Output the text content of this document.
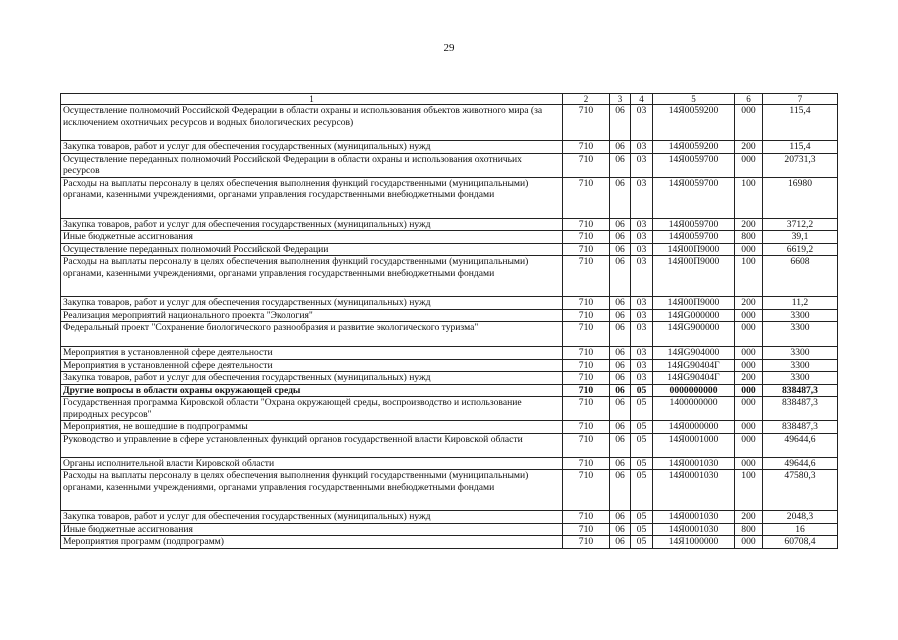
29
1	2	3	4	5	6	7
Осуществление полномочий Российской Федерации в области охраны и использования объектов животного мира (за исключением охотничьих ресурсов и водных биологических ресурсов)	710	06	03	14Я0059200	000	115,4
Закупка товаров, работ и услуг для обеспечения государственных (муниципальных) нужд	710	06	03	14Я0059200	200	115,4
Осуществление переданных полномочий Российской Федерации в области охраны и использования охотничьих ресурсов	710	06	03	14Я0059700	000	20731,3
Расходы на выплаты персоналу в целях обеспечения выполнения функций государственными (муниципальными) органами, казенными учреждениями, органами управления государственными внебюджетными фондами	710	06	03	14Я0059700	100	16980
Закупка товаров, работ и услуг для обеспечения государственных (муниципальных) нужд	710	06	03	14Я0059700	200	3712,2
Иные бюджетные ассигнования	710	06	03	14Я0059700	800	39,1
Осуществление переданных полномочий Российской Федерации	710	06	03	14Я00П9000	000	6619,2
Расходы на выплаты персоналу в целях обеспечения выполнения функций государственными (муниципальными) органами, казенными учреждениями, органами управления государственными внебюджетными фондами	710	06	03	14Я00П9000	100	6608
Закупка товаров, работ и услуг для обеспечения государственных (муниципальных) нужд	710	06	03	14Я00П9000	200	11,2
Реализация мероприятий национального проекта "Экология"	710	06	03	14ЯG000000	000	3300
Федеральный проект "Сохранение биологического разнообразия и развитие экологического туризма"	710	06	03	14ЯG900000	000	3300
Мероприятия в установленной сфере деятельности	710	06	03	14ЯG904000	000	3300
Мероприятия в установленной сфере деятельности	710	06	03	14ЯG90404Г	000	3300
Закупка товаров, работ и услуг для обеспечения государственных (муниципальных) нужд	710	06	03	14ЯG90404Г	200	3300
Другие вопросы в области охраны окружающей среды	710	06	05	0000000000	000	838487,3
Государственная программа Кировской области "Охрана окружающей среды, воспроизводство и использование природных ресурсов"	710	06	05	1400000000	000	838487,3
Мероприятия, не вошедшие в подпрограммы	710	06	05	14Я0000000	000	838487,3
Руководство и управление в сфере установленных функций органов государственной власти Кировской области	710	06	05	14Я0001000	000	49644,6
Органы исполнительной власти Кировской области	710	06	05	14Я0001030	000	49644,6
Расходы на выплаты персоналу в целях обеспечения выполнения функций государственными (муниципальными) органами, казенными учреждениями, органами управления государственными внебюджетными фондами	710	06	05	14Я0001030	100	47580,3
Закупка товаров, работ и услуг для обеспечения государственных (муниципальных) нужд	710	06	05	14Я0001030	200	2048,3
Иные бюджетные ассигнования	710	06	05	14Я0001030	800	16
Мероприятия программ (подпрограмм)	710	06	05	14Я1000000	000	60708,4
